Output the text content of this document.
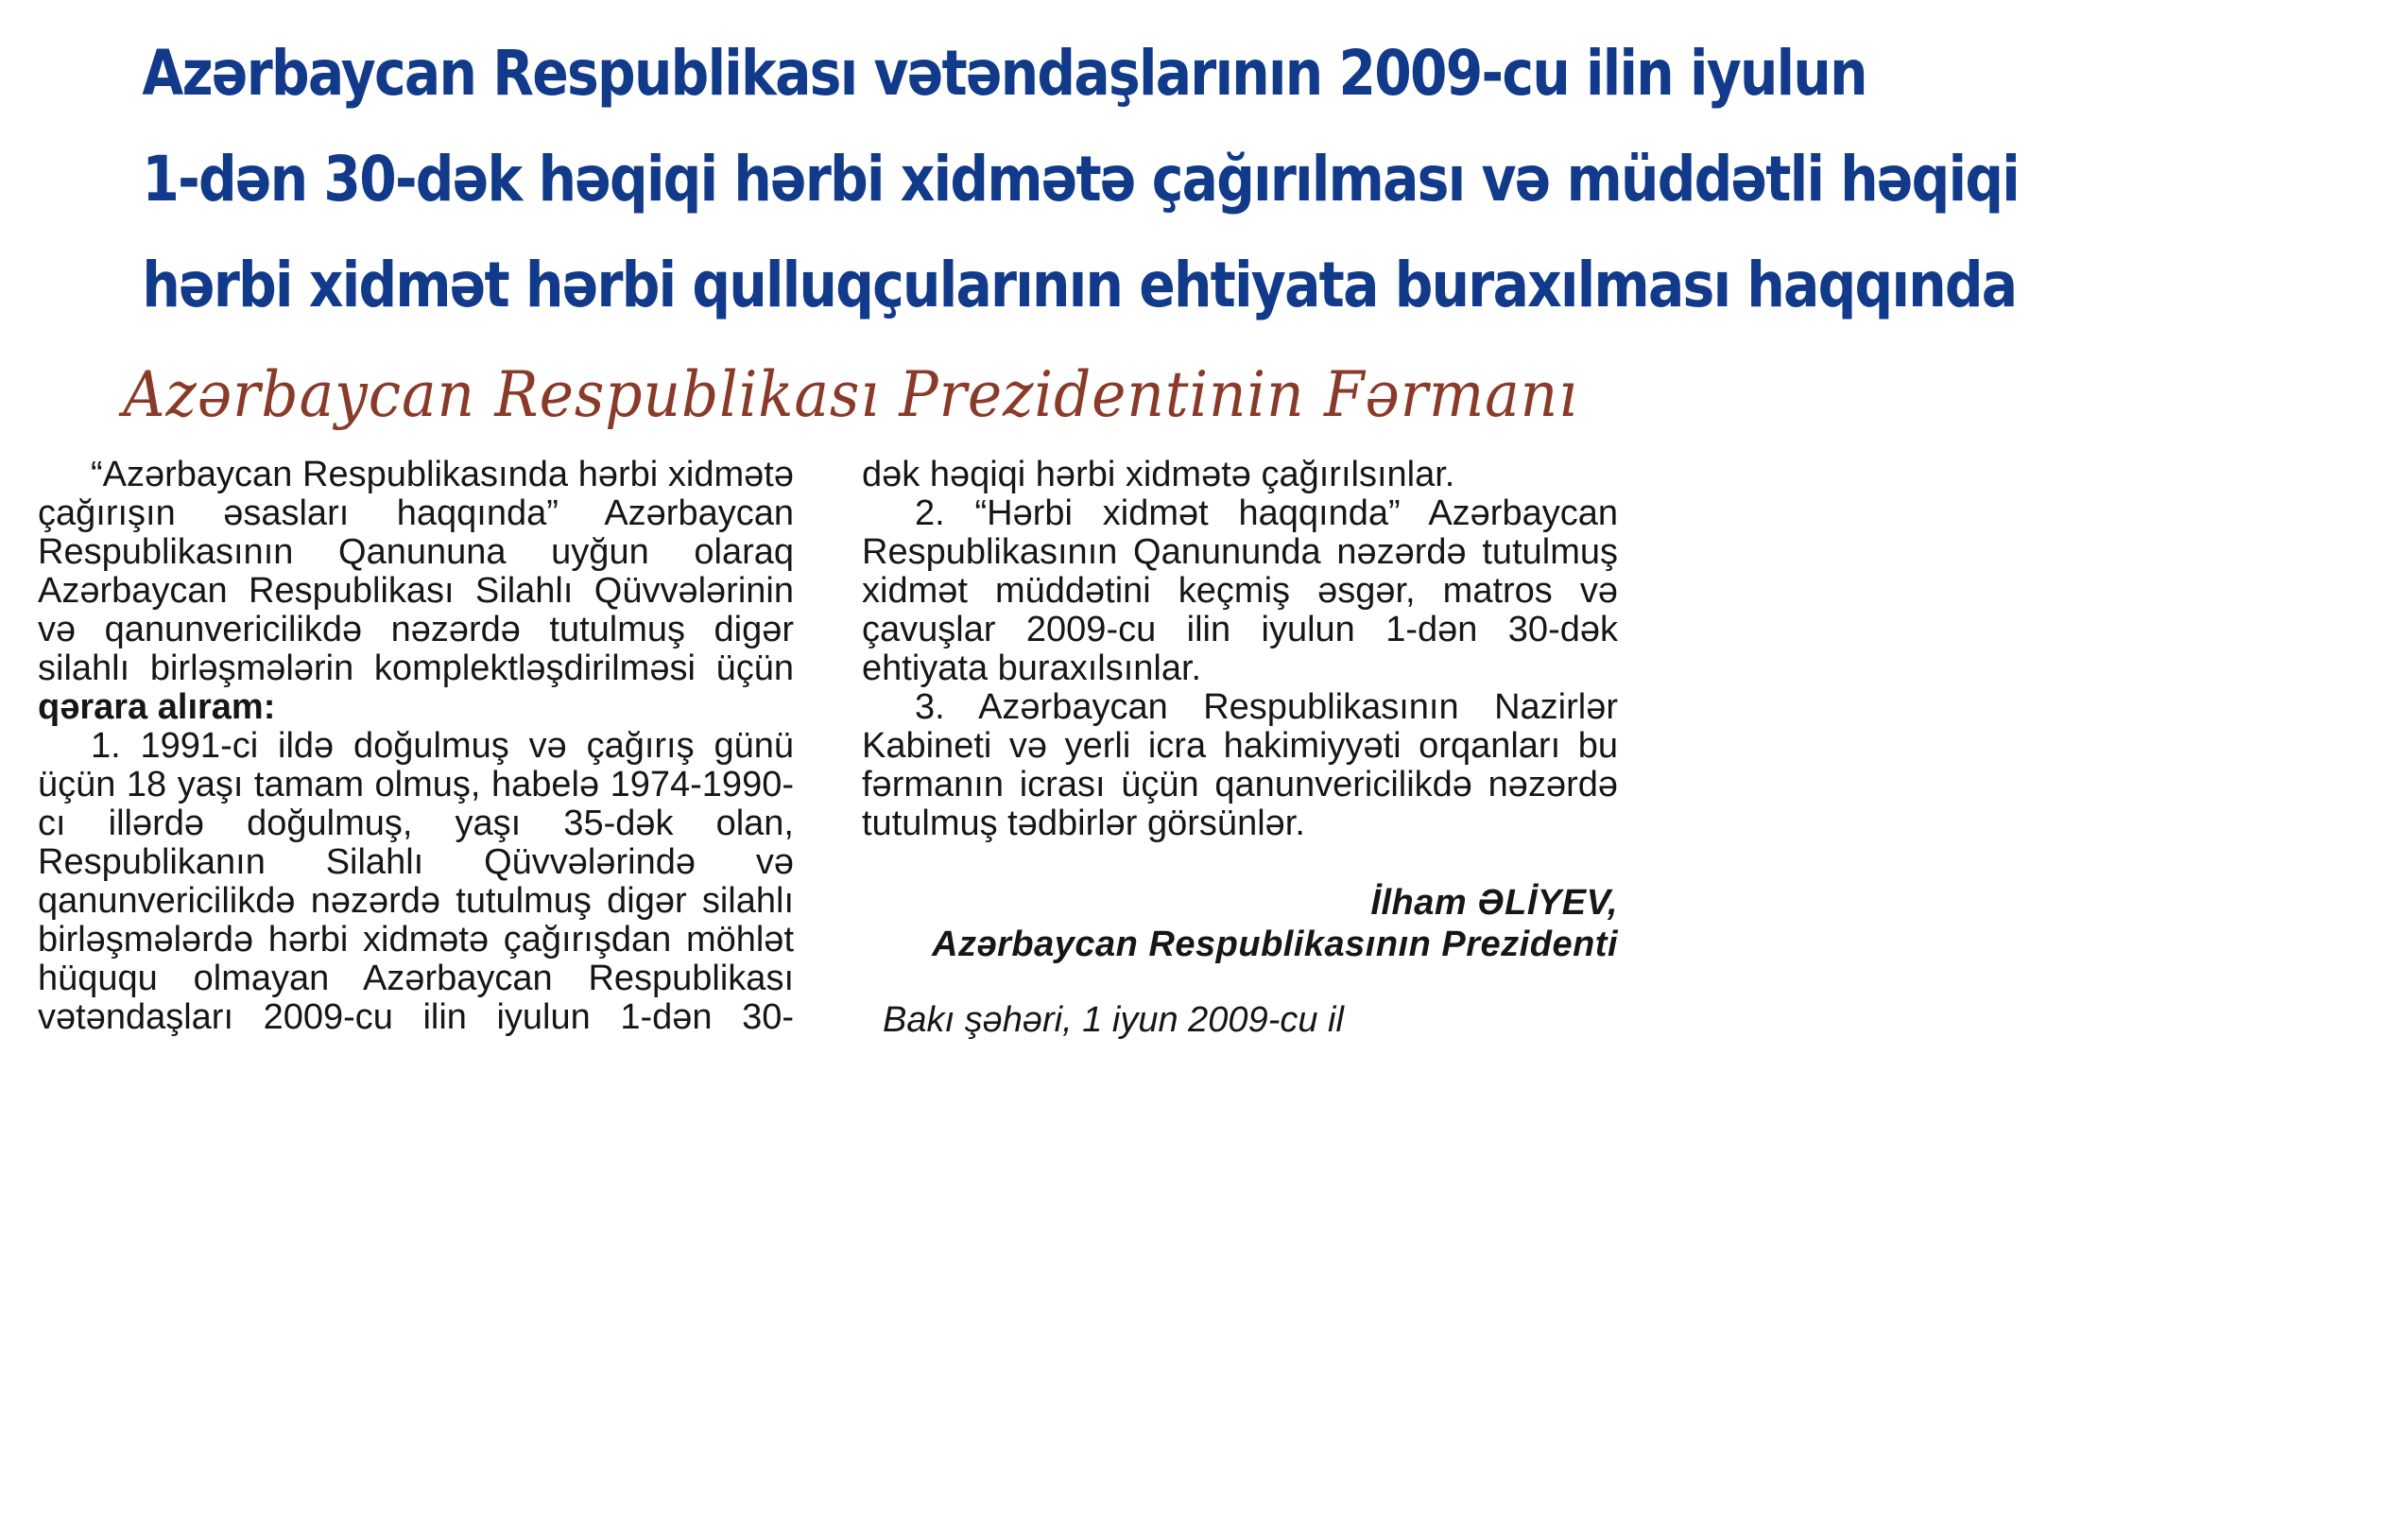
Azərbaycan Respublikası vətəndaşlarının 2009-cu ilin iyulun
1-dən 30-dək həqiqi hərbi xidmətə çağırılması və müddətli həqiqi
hərbi xidmət hərbi qulluqçularının ehtiyata buraxılması haqqında
Azərbaycan Respublikası Prezidentinin Fərmanı

“Azərbaycan Respublikasında hərbi xidmətə çağırışın əsasları haqqında” Azərbaycan Respublikasının Qanununa uyğun olaraq Azərbaycan Respublikası Silahlı Qüvvələrinin və qanunvericilikdə nəzərdə tutulmuş digər silahlı birləşmələrin komplektləşdirilməsi üçün qərara alıram:

1. 1991-ci ildə doğulmuş və çağırış günü üçün 18 yaşı tamam olmuş, habelə 1974-1990-cı illərdə doğulmuş, yaşı 35-dək olan, Respublikanın Silahlı Qüvvələrində və qanunvericilikdə nəzərdə tutulmuş digər silahlı birləşmələrdə hərbi xidmətə çağırışdan möhlət hüququ olmayan Azərbaycan Respublikası vətəndaşları 2009-cu ilin iyulun 1-dən 30-

dək həqiqi hərbi xidmətə çağırılsınlar.

2. “Hərbi xidmət haqqında” Azərbaycan Respublikasının Qanununda nəzərdə tutulmuş xidmət müddətini keçmiş əsgər, matros və çavuşlar 2009-cu ilin iyulun 1-dən 30-dək ehtiyata buraxılsınlar.

3. Azərbaycan Respublikasının Nazirlər Kabineti və yerli icra hakimiyyəti orqanları bu fərmanın icrası üçün qanunvericilikdə nəzərdə tutulmuş tədbirlər görsünlər.

İlham ƏLİYEV,
Azərbaycan Respublikasının Prezidenti
Bakı şəhəri, 1 iyun 2009-cu il
